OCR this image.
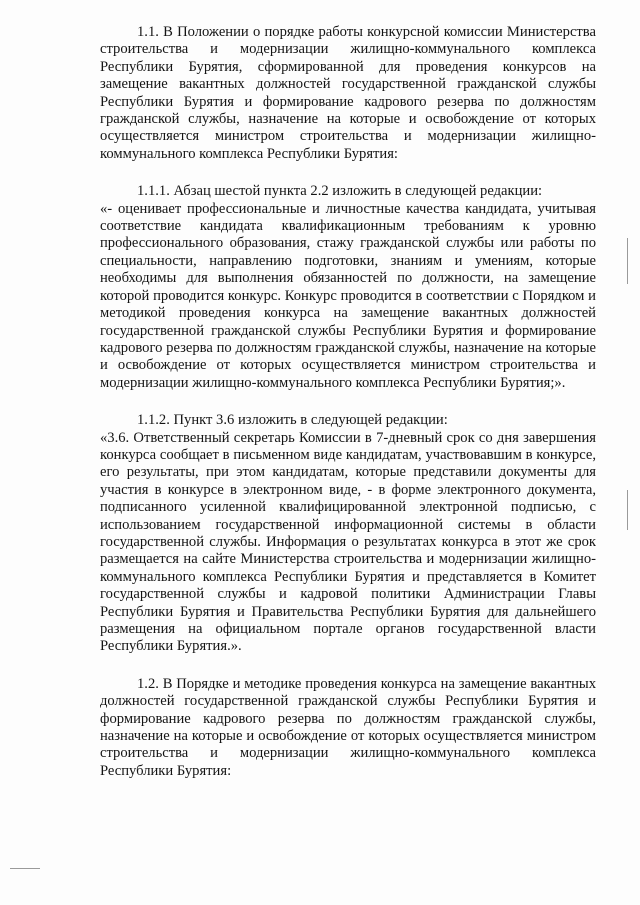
1.1. В Положении о порядке работы конкурсной комиссии Министерства строительства и модернизации жилищно-коммунального комплекса Республики Бурятия, сформированной для проведения конкурсов на замещение вакантных должностей государственной гражданской службы Республики Бурятия и формирование кадрового резерва по должностям гражданской службы, назначение на которые и освобождение от которых осуществляется министром строительства и модернизации жилищно-коммунального комплекса Республики Бурятия:

1.1.1. Абзац шестой пункта 2.2 изложить в следующей редакции:

«- оценивает профессиональные и личностные качества кандидата, учитывая соответствие кандидата квалификационным требованиям к уровню профессионального образования, стажу гражданской службы или работы по специальности, направлению подготовки, знаниям и умениям, которые необходимы для выполнения обязанностей по должности, на замещение которой проводится конкурс. Конкурс проводится в соответствии с Порядком и методикой проведения конкурса на замещение вакантных должностей государственной гражданской службы Республики Бурятия и формирование кадрового резерва по должностям гражданской службы, назначение на которые и освобождение от которых осуществляется министром строительства и модернизации жилищно-коммунального комплекса Республики Бурятия;».

1.1.2. Пункт 3.6 изложить в следующей редакции:

«3.6. Ответственный секретарь Комиссии в 7-дневный срок со дня завершения конкурса сообщает в письменном виде кандидатам, участвовавшим в конкурсе, его результаты, при этом кандидатам, которые представили документы для участия в конкурсе в электронном виде, - в форме электронного документа, подписанного усиленной квалифицированной электронной подписью, с использованием государственной информационной системы в области государственной службы. Информация о результатах конкурса в этот же срок размещается на сайте Министерства строительства и модернизации жилищно-коммунального комплекса Республики Бурятия и представляется в Комитет государственной службы и кадровой политики Администрации Главы Республики Бурятия и Правительства Республики Бурятия для дальнейшего размещения на официальном портале органов государственной власти Республики Бурятия.».

1.2. В Порядке и методике проведения конкурса на замещение вакантных должностей государственной гражданской службы Республики Бурятия и формирование кадрового резерва по должностям гражданской службы, назначение на которые и освобождение от которых осуществляется министром строительства и модернизации жилищно-коммунального комплекса Республики Бурятия:
